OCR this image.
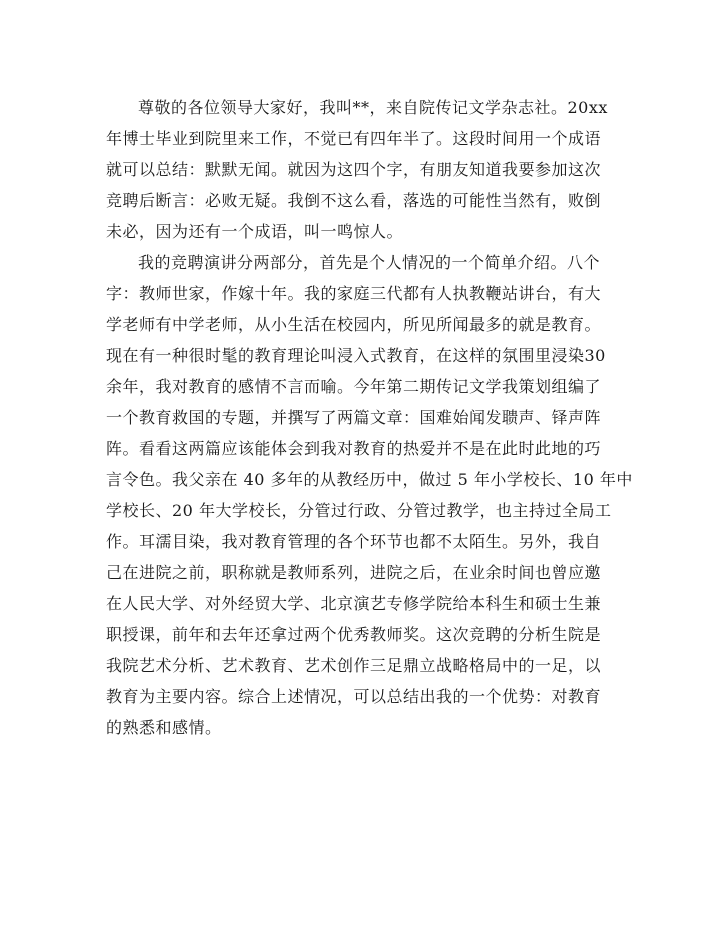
尊敬的各位领导大家好，我叫**，来自院传记文学杂志社。20xx
年博士毕业到院里来工作，不觉已有四年半了。这段时间用一个成语
就可以总结：默默无闻。就因为这四个字，有朋友知道我要参加这次
竞聘后断言：必败无疑。我倒不这么看，落选的可能性当然有，败倒
未必，因为还有一个成语，叫一鸣惊人。
我的竞聘演讲分两部分，首先是个人情况的一个简单介绍。八个
字：教师世家，作嫁十年。我的家庭三代都有人执教鞭站讲台，有大
学老师有中学老师，从小生活在校园内，所见所闻最多的就是教育。
现在有一种很时髦的教育理论叫浸入式教育，在这样的氛围里浸染30
余年，我对教育的感情不言而喻。今年第二期传记文学我策划组编了
一个教育救国的专题，并撰写了两篇文章：国难始闻发聩声、铎声阵
阵。看看这两篇应该能体会到我对教育的热爱并不是在此时此地的巧
言令色。我父亲在 40 多年的从教经历中，做过 5 年小学校长、10 年中
学校长、20 年大学校长，分管过行政、分管过教学，也主持过全局工
作。耳濡目染，我对教育管理的各个环节也都不太陌生。另外，我自
己在进院之前，职称就是教师系列，进院之后，在业余时间也曾应邀
在人民大学、对外经贸大学、北京演艺专修学院给本科生和硕士生兼
职授课，前年和去年还拿过两个优秀教师奖。这次竞聘的分析生院是
我院艺术分析、艺术教育、艺术创作三足鼎立战略格局中的一足，以
教育为主要内容。综合上述情况，可以总结出我的一个优势：对教育
的熟悉和感情。
